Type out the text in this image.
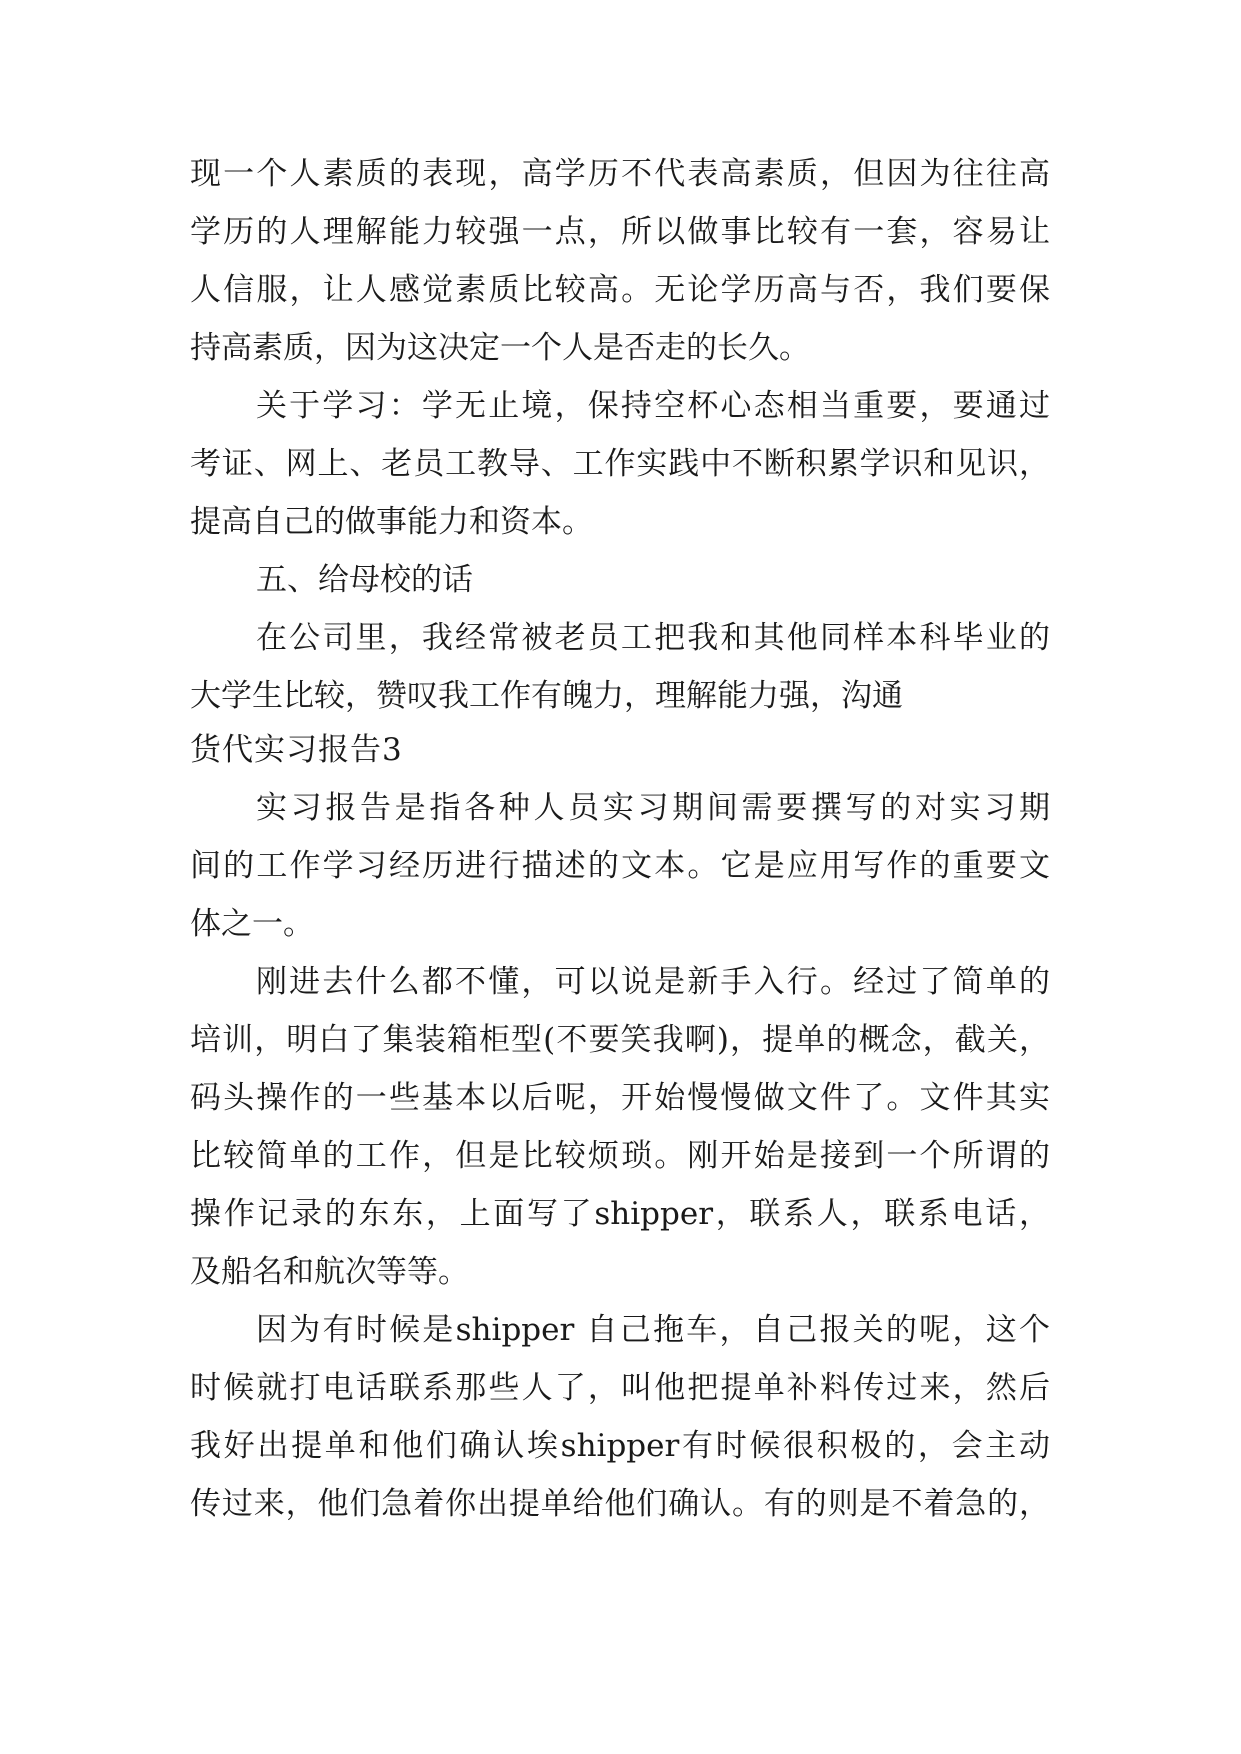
现一个人素质的表现，高学历不代表高素质，但因为往往高
学历的人理解能力较强一点，所以做事比较有一套，容易让
人信服，让人感觉素质比较高。无论学历高与否，我们要保
持高素质，因为这决定一个人是否走的长久。
关于学习：学无止境，保持空杯心态相当重要，要通过
考证、网上、老员工教导、工作实践中不断积累学识和见识，
提高自己的做事能力和资本。
五、给母校的话
在公司里，我经常被老员工把我和其他同样本科毕业的
大学生比较，赞叹我工作有魄力，理解能力强，沟通
货代实习报告3
实习报告是指各种人员实习期间需要撰写的对实习期
间的工作学习经历进行描述的文本。它是应用写作的重要文
体之一。
刚进去什么都不懂，可以说是新手入行。经过了简单的
培训，明白了集装箱柜型(不要笑我啊)，提单的概念，截关，
码头操作的一些基本以后呢，开始慢慢做文件了。文件其实
比较简单的工作，但是比较烦琐。刚开始是接到一个所谓的
操作记录的东东，上面写了shipper，联系人，联系电话，
及船名和航次等等。
因为有时候是shipper 自己拖车，自己报关的呢，这个
时候就打电话联系那些人了，叫他把提单补料传过来，然后
我好出提单和他们确认埃shipper有时候很积极的，会主动
传过来，他们急着你出提单给他们确认。有的则是不着急的，
